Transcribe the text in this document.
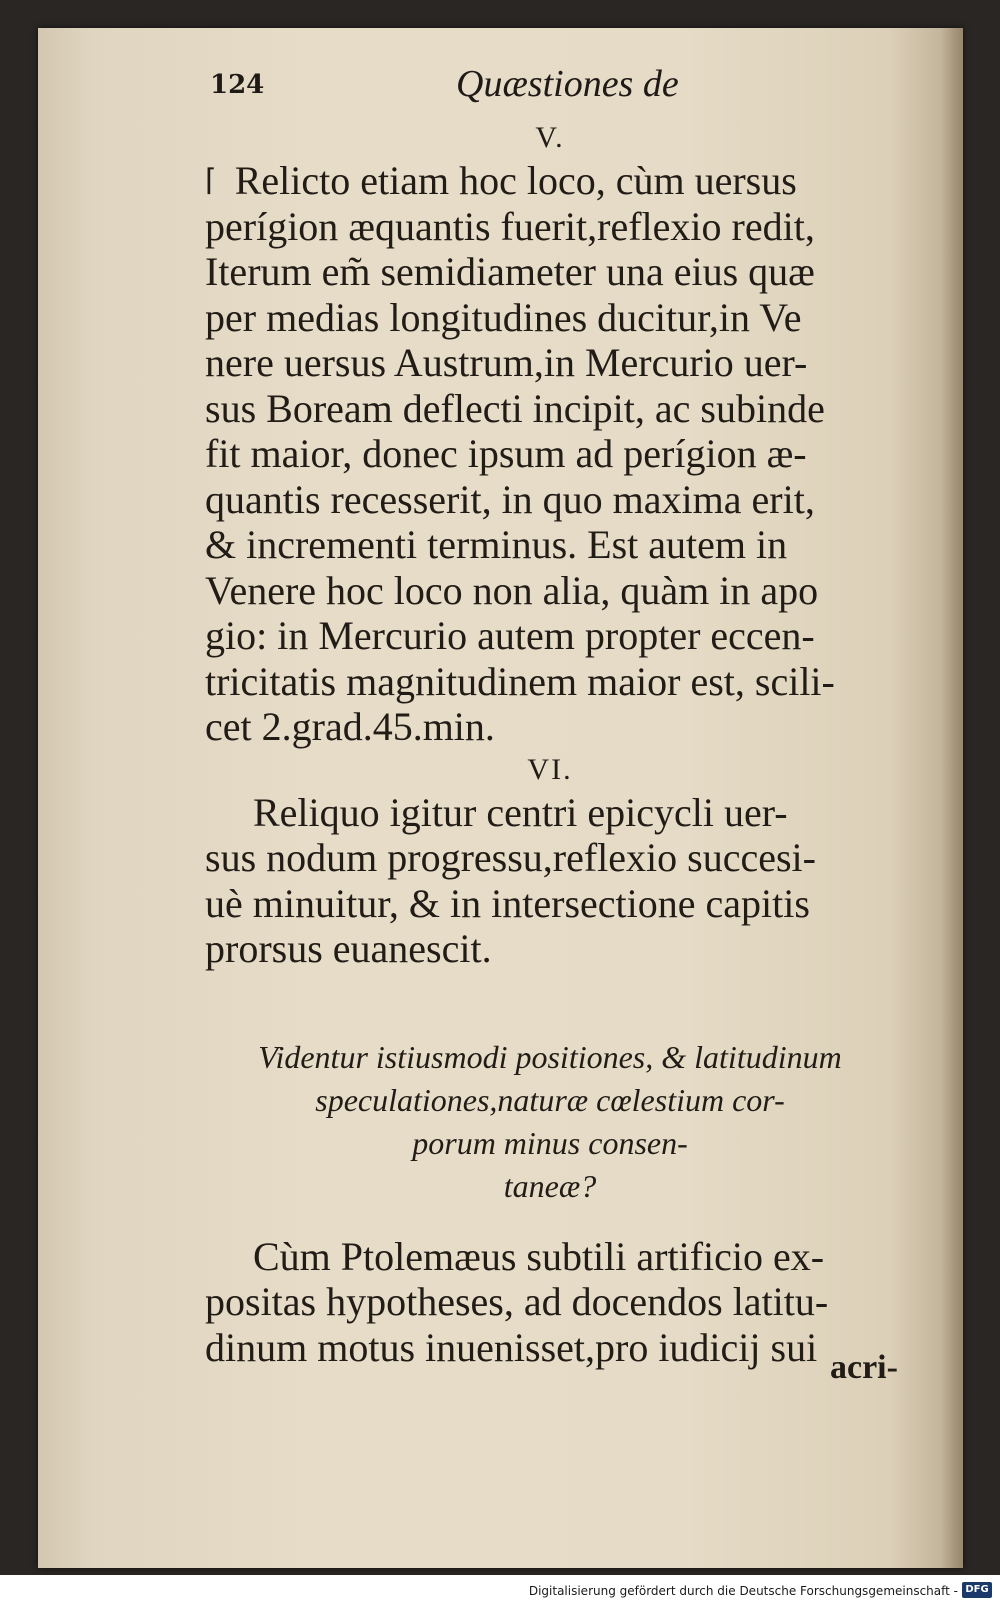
124	Quæstiones de

V.

⌈ Relicto etiam hoc loco, cùm uersus
perígion æquantis fuerit,reflexio redit,
Iterum em̃ semidiameter una eius quæ
per medias longitudines ducitur,in Ve
nere uersus Austrum,in Mercurio uer-
sus Boream deflecti incipit, ac subinde
fit maior, donec ipsum ad perígion æ-
quantis recesserit, in quo maxima erit,
& incrementi terminus. Est autem in
Venere hoc loco non alia, quàm in apo
gio: in Mercurio autem propter eccen-
tricitatis magnitudinem maior est, scili-
cet 2.grad.45.min.

VI.

Reliquo igitur centri epicycli uer-
sus nodum progressu,reflexio succesi-
uè minuitur, & in intersectione capitis
prorsus euanescit.

Videntur istiusmodi positiones, & latitudinum
speculationes,naturæ cœlestium cor-
porum minus consen-
taneæ?

Cùm Ptolemæus subtili artificio ex-
positas hypotheses, ad docendos latitu-
dinum motus inuenisset,pro iudicij sui acri-
Digitalisierung gefördert durch die Deutsche Forschungsgemeinschaft - DFG
